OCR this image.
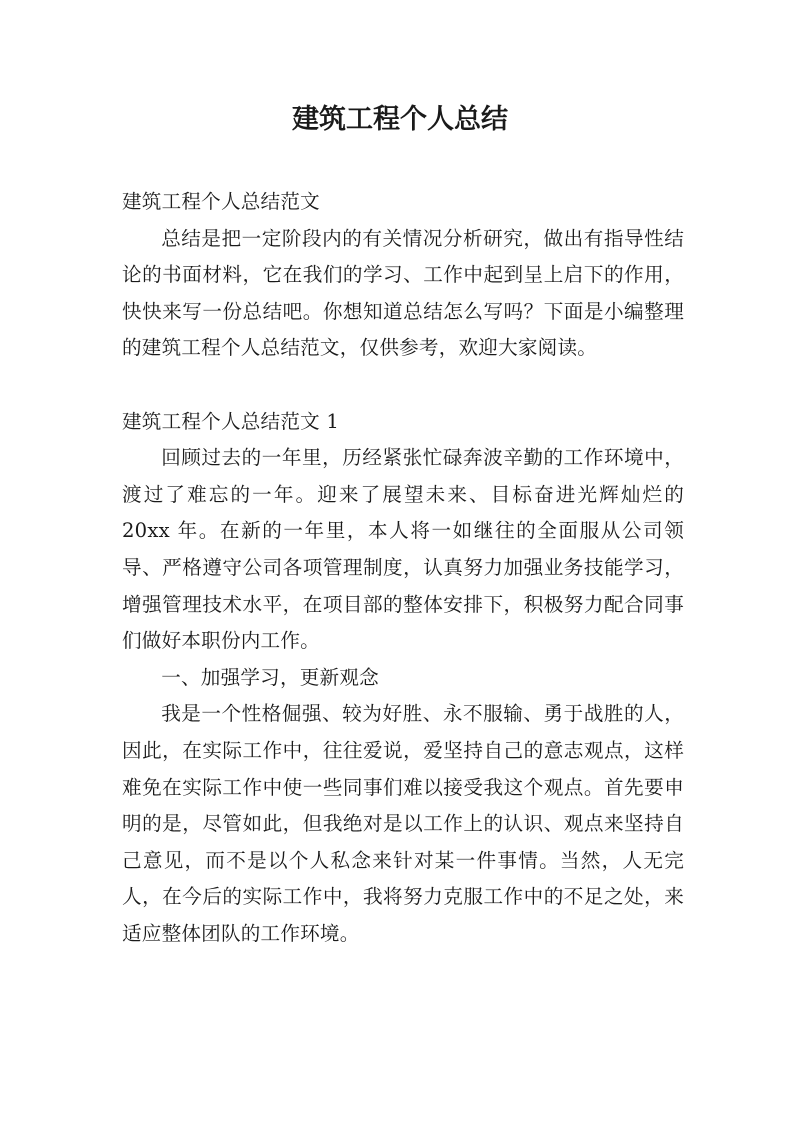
建筑工程个人总结

建筑工程个人总结范文

总结是把一定阶段内的有关情况分析研究，做出有指导性结论的书面材料，它在我们的学习、工作中起到呈上启下的作用，快快来写一份总结吧。你想知道总结怎么写吗？下面是小编整理的建筑工程个人总结范文，仅供参考，欢迎大家阅读。

建筑工程个人总结范文 1

回顾过去的一年里，历经紧张忙碌奔波辛勤的工作环境中，渡过了难忘的一年。迎来了展望未来、目标奋进光辉灿烂的 20xx 年。在新的一年里，本人将一如继往的全面服从公司领导、严格遵守公司各项管理制度，认真努力加强业务技能学习，增强管理技术水平，在项目部的整体安排下，积极努力配合同事们做好本职份内工作。

一、加强学习，更新观念

我是一个性格倔强、较为好胜、永不服输、勇于战胜的人，因此，在实际工作中，往往爱说，爱坚持自己的意志观点，这样难免在实际工作中使一些同事们难以接受我这个观点。首先要申明的是，尽管如此，但我绝对是以工作上的认识、观点来坚持自己意见，而不是以个人私念来针对某一件事情。当然，人无完人，在今后的实际工作中，我将努力克服工作中的不足之处，来适应整体团队的工作环境。
